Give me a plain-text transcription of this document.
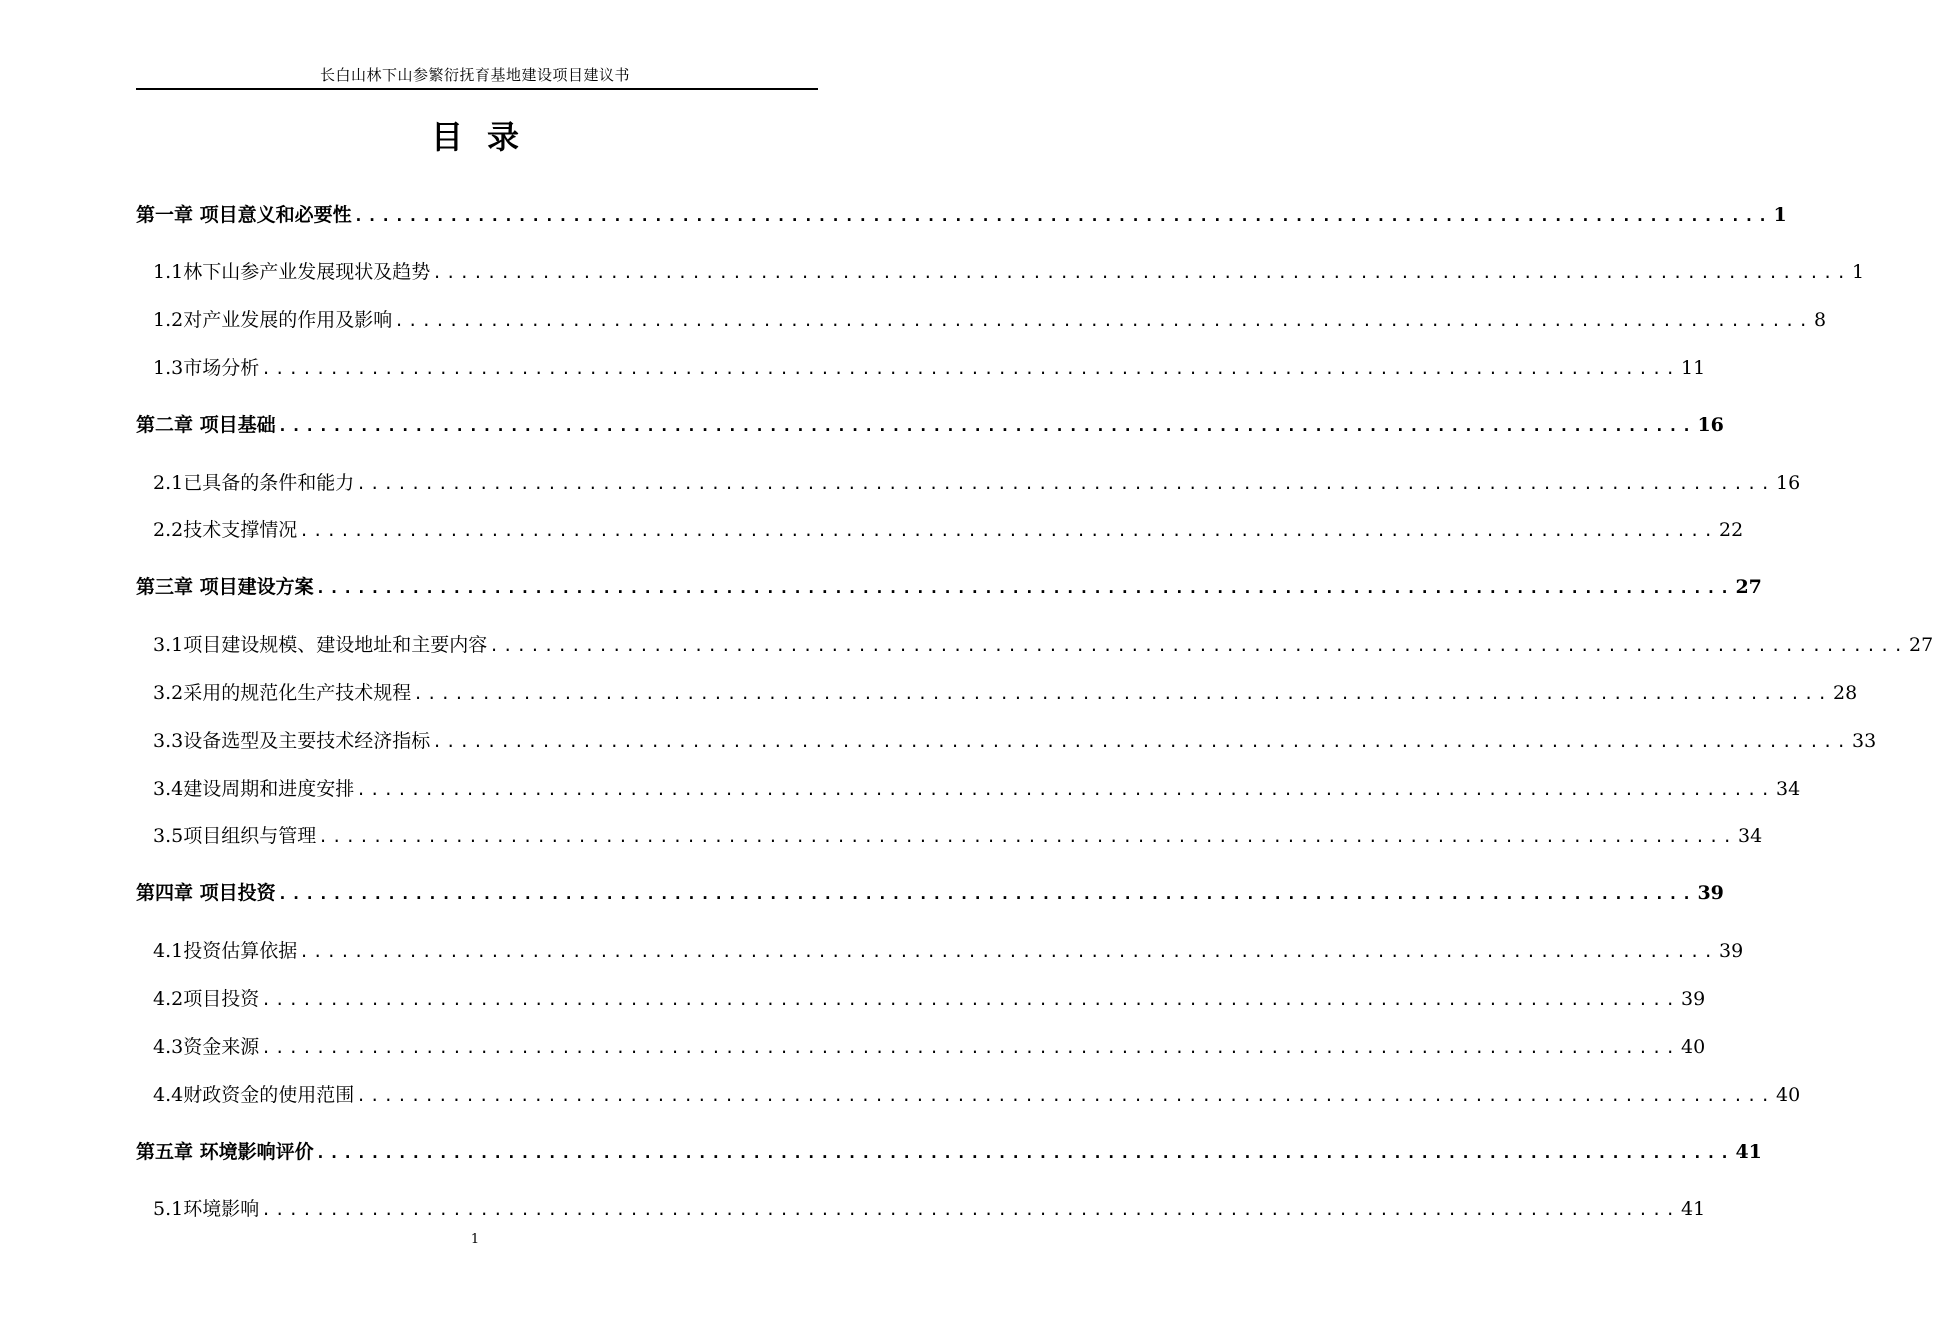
长白山林下山参繁衍抚育基地建设项目建议书
目录
第一章 项目意义和必要性 ........................................................................................................ 1
1.1林下山参产业发展现状及趋势 ........................................................................................................ 1
1.2对产业发展的作用及影响 ........................................................................................................ 8
1.3市场分析 ........................................................................................................ 11
第二章 项目基础 ........................................................................................................ 16
2.1已具备的条件和能力 ........................................................................................................ 16
2.2技术支撑情况 ........................................................................................................ 22
第三章 项目建设方案 ........................................................................................................ 27
3.1项目建设规模、建设地址和主要内容 ........................................................................................................ 27
3.2采用的规范化生产技术规程 ........................................................................................................ 28
3.3设备选型及主要技术经济指标 ........................................................................................................ 33
3.4建设周期和进度安排 ........................................................................................................ 34
3.5项目组织与管理 ........................................................................................................ 34
第四章 项目投资 ........................................................................................................ 39
4.1投资估算依据 ........................................................................................................ 39
4.2项目投资 ........................................................................................................ 39
4.3资金来源 ........................................................................................................ 40
4.4财政资金的使用范围 ........................................................................................................ 40
第五章 环境影响评价 ........................................................................................................ 41
5.1环境影响 ........................................................................................................ 41
1
